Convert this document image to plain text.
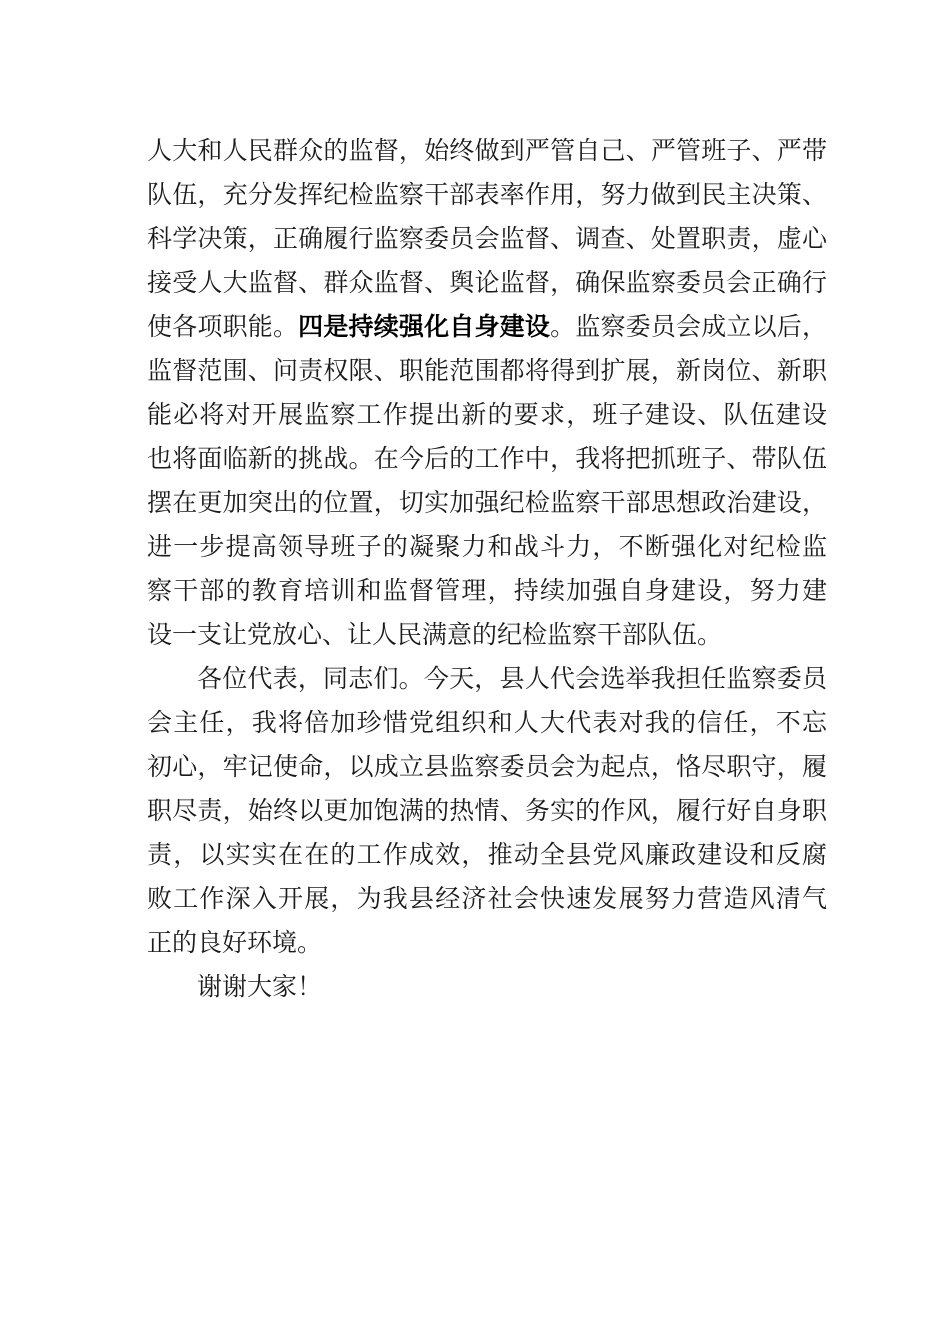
人大和人民群众的监督，始终做到严管自己、严管班子、严带
队伍，充分发挥纪检监察干部表率作用，努力做到民主决策、
科学决策，正确履行监察委员会监督、调查、处置职责，虚心
接受人大监督、群众监督、舆论监督，确保监察委员会正确行
使各项职能。四是持续强化自身建设。监察委员会成立以后，
监督范围、问责权限、职能范围都将得到扩展，新岗位、新职
能必将对开展监察工作提出新的要求，班子建设、队伍建设
也将面临新的挑战。在今后的工作中，我将把抓班子、带队伍
摆在更加突出的位置，切实加强纪检监察干部思想政治建设，
进一步提高领导班子的凝聚力和战斗力，不断强化对纪检监
察干部的教育培训和监督管理，持续加强自身建设，努力建
设一支让党放心、让人民满意的纪检监察干部队伍。
各位代表，同志们。今天，县人代会选举我担任监察委员
会主任，我将倍加珍惜党组织和人大代表对我的信任，不忘
初心，牢记使命，以成立县监察委员会为起点，恪尽职守，履
职尽责，始终以更加饱满的热情、务实的作风，履行好自身职
责，以实实在在的工作成效，推动全县党风廉政建设和反腐
败工作深入开展，为我县经济社会快速发展努力营造风清气
正的良好环境。
谢谢大家！
